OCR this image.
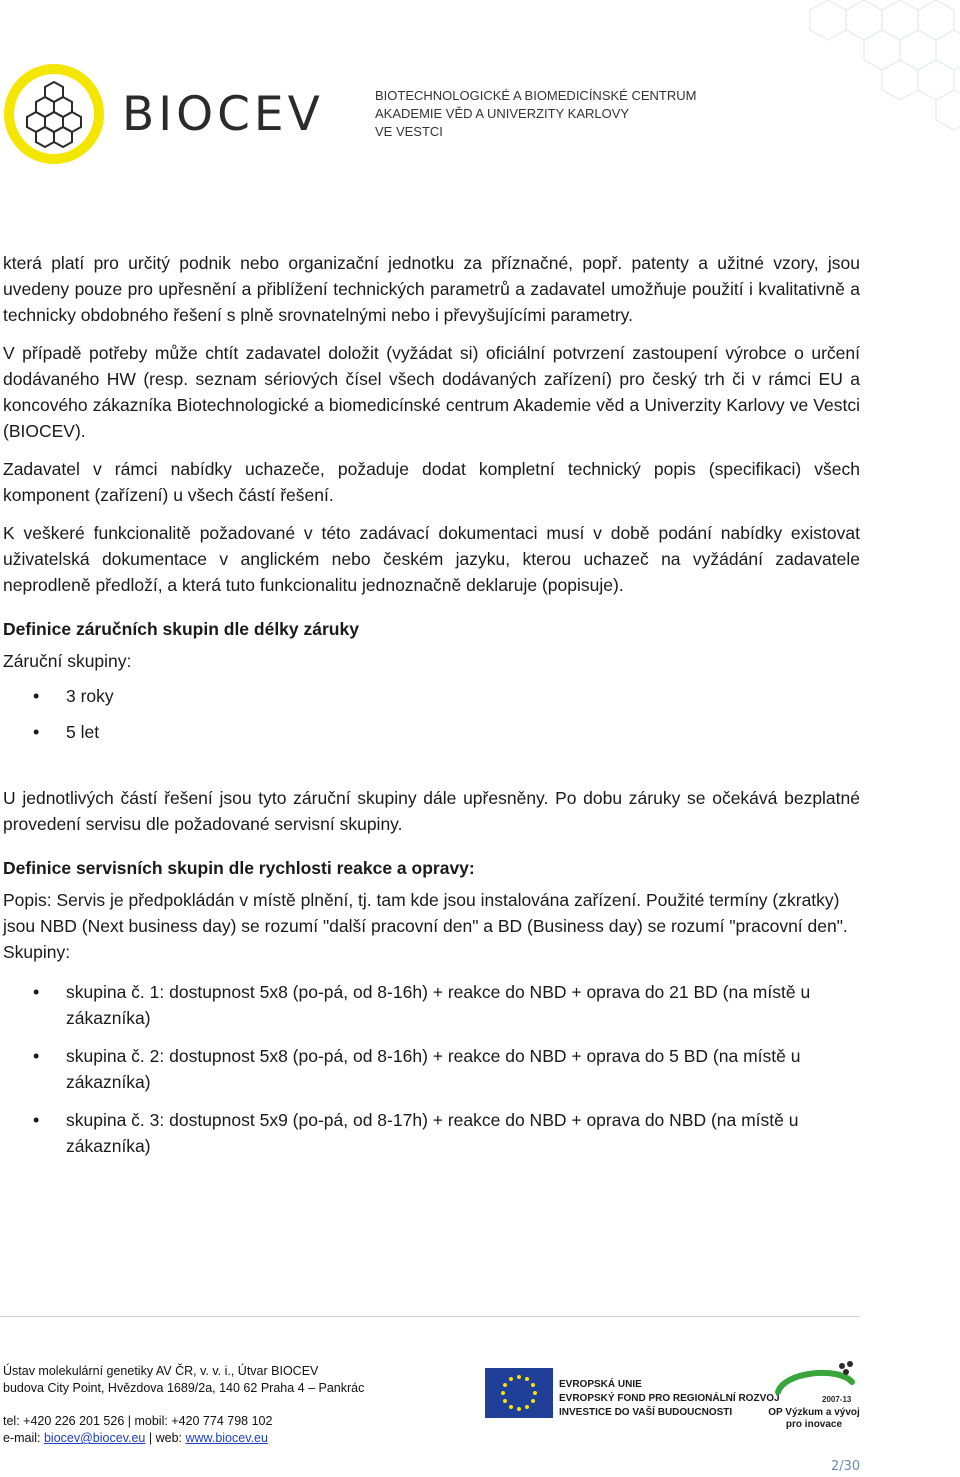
BIOCEV	BIOTECHNOLOGICKÉ A BIOMEDICÍNSKÉ CENTRUM
AKADEMIE VĚD A UNIVERZITY KARLOVY
VE VESTCI

která platí pro určitý podnik nebo organizační jednotku za příznačné, popř. patenty a užitné vzory, jsou uvedeny pouze pro upřesnění a přiblížení technických parametrů a zadavatel umožňuje použití i kvalitativně a technicky obdobného řešení s plně srovnatelnými nebo i převyšujícími parametry.

V případě potřeby může chtít zadavatel doložit (vyžádat si) oficiální potvrzení zastoupení výrobce o určení dodávaného HW (resp. seznam sériových čísel všech dodávaných zařízení) pro český trh či v rámci EU a koncového zákazníka Biotechnologické a biomedicínské centrum Akademie věd a Univerzity Karlovy ve Vestci (BIOCEV).

Zadavatel v rámci nabídky uchazeče, požaduje dodat kompletní technický popis (specifikaci) všech komponent (zařízení) u všech částí řešení.

K veškeré funkcionalitě požadované v této zadávací dokumentaci musí v době podání nabídky existovat uživatelská dokumentace v anglickém nebo českém jazyku, kterou uchazeč na vyžádání zadavatele neprodleně předloží, a která tuto funkcionalitu jednoznačně deklaruje (popisuje).

Definice záručních skupin dle délky záruky

Záruční skupiny:

• 3 roky
• 5 let

U jednotlivých částí řešení jsou tyto záruční skupiny dále upřesněny. Po dobu záruky se očekává bezplatné provedení servisu dle požadované servisní skupiny.

Definice servisních skupin dle rychlosti reakce a opravy:

Popis: Servis je předpokládán v místě plnění, tj. tam kde jsou instalována zařízení. Použité termíny (zkratky) jsou NBD (Next business day) se rozumí "další pracovní den" a BD (Business day) se rozumí "pracovní den".

Skupiny:

• skupina č. 1: dostupnost 5x8 (po-pá, od 8-16h) + reakce do NBD + oprava do 21 BD (na místě u zákazníka)
• skupina č. 2: dostupnost 5x8 (po-pá, od 8-16h) + reakce do NBD + oprava do 5 BD (na místě u zákazníka)
• skupina č. 3: dostupnost 5x9 (po-pá, od 8-17h) + reakce do NBD + oprava do NBD (na místě u zákazníka)
Ústav molekulární genetiky AV ČR, v. v. i., Útvar BIOCEV
budova City Point, Hvězdova 1689/2a, 140 62 Praha 4 – Pankrác
tel: +420 226 201 526 | mobil: +420 774 798 102
e-mail: biocev@biocev.eu | web: www.biocev.eu
EVROPSKÁ UNIE
EVROPSKÝ FOND PRO REGIONÁLNÍ ROZVOJ
INVESTICE DO VAŠÍ BUDOUCNOSTI
2007-13
OP Výzkum a vývoj
pro inovace
2/30
